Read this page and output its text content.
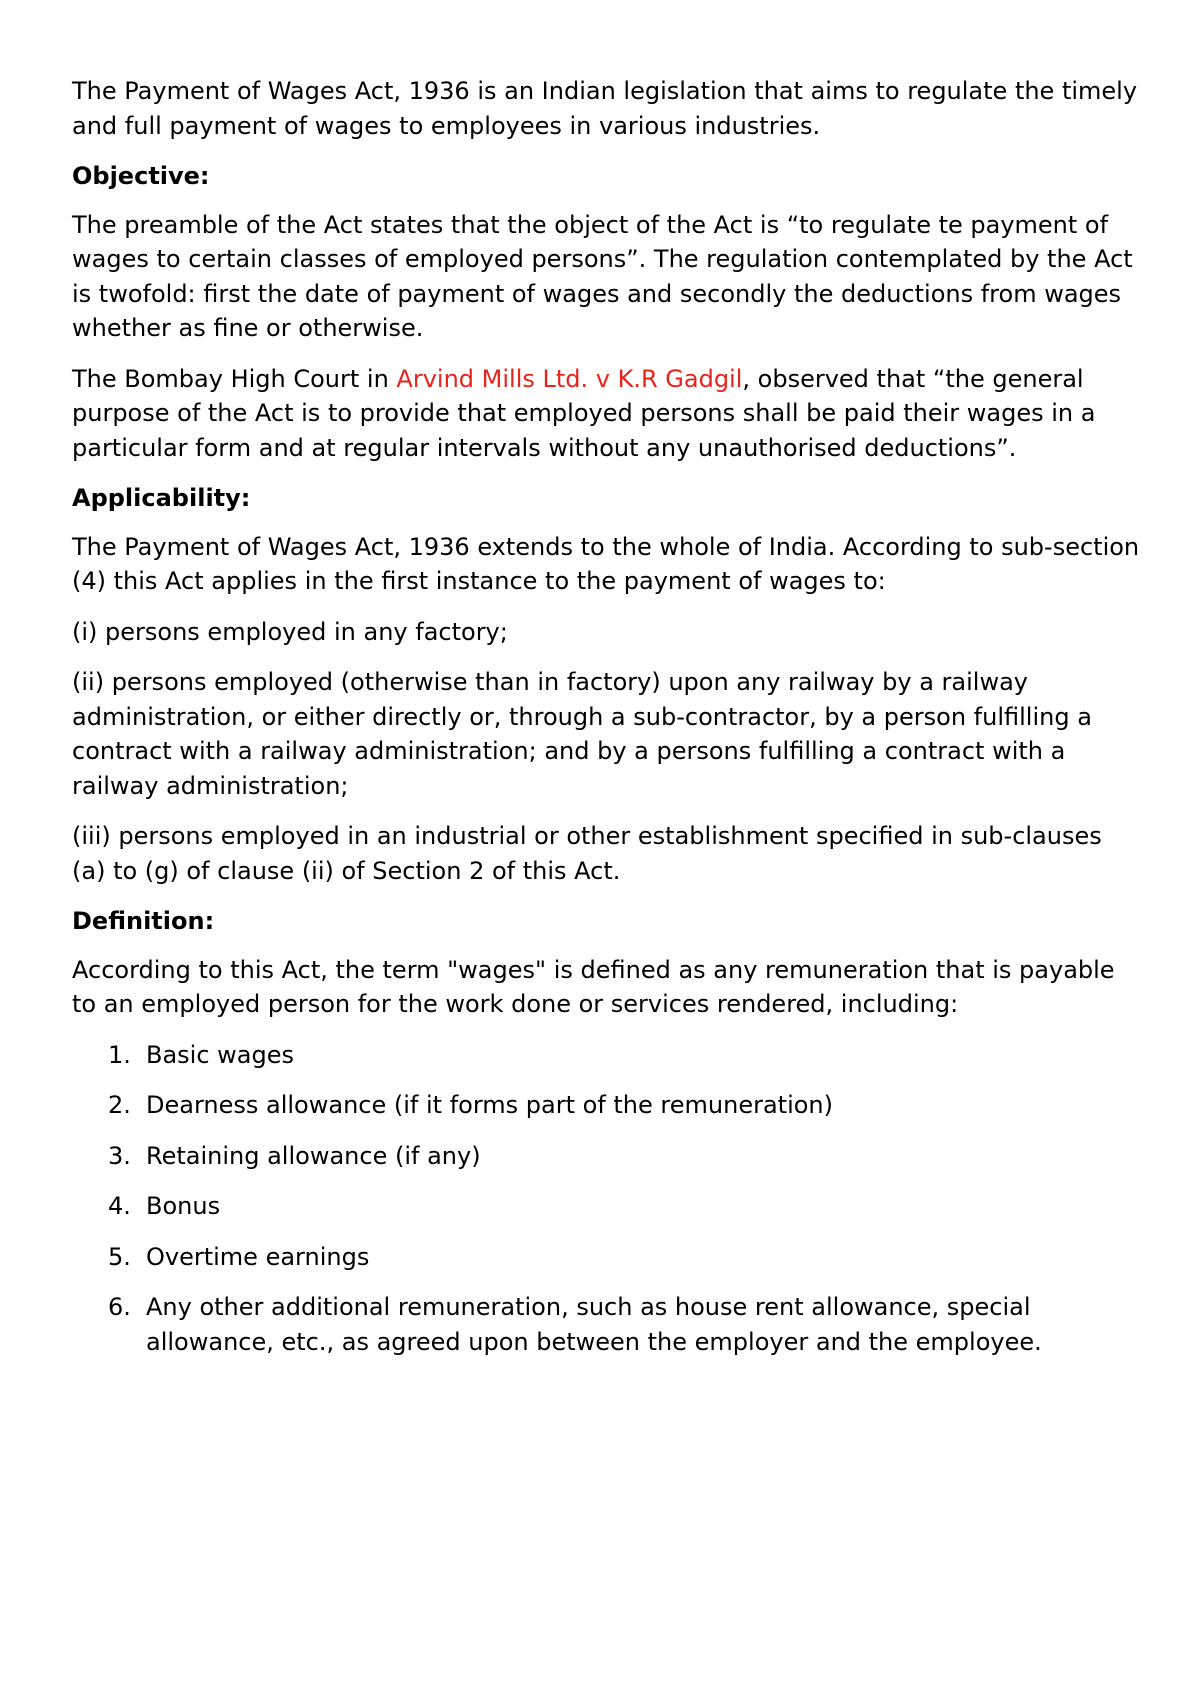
The Payment of Wages Act, 1936 is an Indian legislation that aims to regulate the timely and full payment of wages to employees in various industries.

Objective:

The preamble of the Act states that the object of the Act is “to regulate te payment of wages to certain classes of employed persons”. The regulation contemplated by the Act is twofold: first the date of payment of wages and secondly the deductions from wages whether as fine or otherwise.

The Bombay High Court in Arvind Mills Ltd. v K.R Gadgil, observed that “the general purpose of the Act is to provide that employed persons shall be paid their wages in a particular form and at regular intervals without any unauthorised deductions”.

Applicability:

The Payment of Wages Act, 1936 extends to the whole of India. According to sub-section (4) this Act applies in the first instance to the payment of wages to:

(i) persons employed in any factory;

(ii) persons employed (otherwise than in factory) upon any railway by a railway administration, or either directly or, through a sub-contractor, by a person fulfilling a contract with a railway administration; and by a persons fulfilling a contract with a railway administration;

(iii) persons employed in an industrial or other establishment specified in sub-clauses (a) to (g) of clause (ii) of Section 2 of this Act.

Definition:

According to this Act, the term "wages" is defined as any remuneration that is payable to an employed person for the work done or services rendered, including:

1. Basic wages
2. Dearness allowance (if it forms part of the remuneration)
3. Retaining allowance (if any)
4. Bonus
5. Overtime earnings
6. Any other additional remuneration, such as house rent allowance, special allowance, etc., as agreed upon between the employer and the employee.
